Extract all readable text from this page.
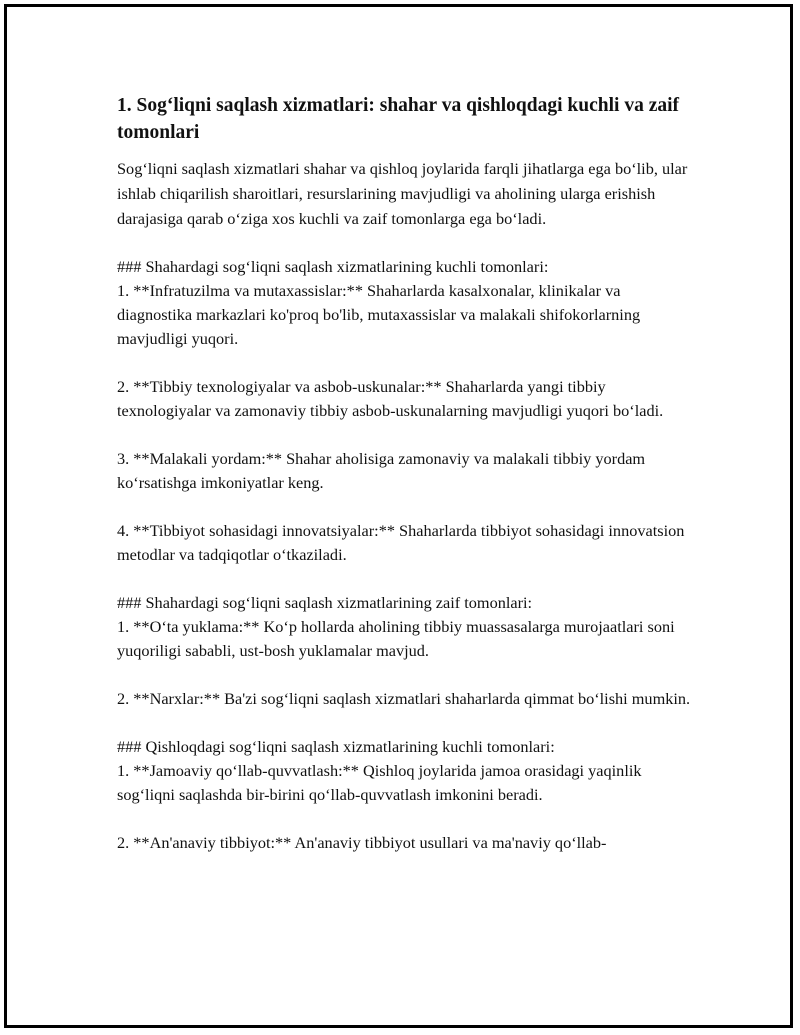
1. Sog‘liqni saqlash xizmatlari: shahar va qishloqdagi kuchli va zaif tomonlari

Sog‘liqni saqlash xizmatlari shahar va qishloq joylarida farqli jihatlarga ega bo‘lib, ular ishlab chiqarilish sharoitlari, resurslarining mavjudligi va aholining ularga erishish darajasiga qarab o‘ziga xos kuchli va zaif tomonlarga ega bo‘ladi.

### Shahardagi sog‘liqni saqlash xizmatlarining kuchli tomonlari:
1. **Infratuzilma va mutaxassislar:** Shaharlarda kasalxonalar, klinikalar va diagnostika markazlari ko'proq bo'lib, mutaxassislar va malakali shifokorlarning mavjudligi yuqori.

2. **Tibbiy texnologiyalar va asbob-uskunalar:** Shaharlarda yangi tibbiy texnologiyalar va zamonaviy tibbiy asbob-uskunalarning mavjudligi yuqori bo‘ladi.

3. **Malakali yordam:** Shahar aholisiga zamonaviy va malakali tibbiy yordam ko‘rsatishga imkoniyatlar keng.

4. **Tibbiyot sohasidagi innovatsiyalar:** Shaharlarda tibbiyot sohasidagi innovatsion metodlar va tadqiqotlar o‘tkaziladi.

### Shahardagi sog‘liqni saqlash xizmatlarining zaif tomonlari:
1. **O‘ta yuklama:** Ko‘p hollarda aholining tibbiy muassasalarga murojaatlari soni yuqoriligi sababli, ust-bosh yuklamalar mavjud.

2. **Narxlar:** Ba'zi sog‘liqni saqlash xizmatlari shaharlarda qimmat bo‘lishi mumkin.

### Qishloqdagi sog‘liqni saqlash xizmatlarining kuchli tomonlari:
1. **Jamoaviy qo‘llab-quvvatlash:** Qishloq joylarida jamoa orasidagi yaqinlik sog‘liqni saqlashda bir-birini qo‘llab-quvvatlash imkonini beradi.

2. **An'anaviy tibbiyot:** An'anaviy tibbiyot usullari va ma'naviy qo‘llab-
